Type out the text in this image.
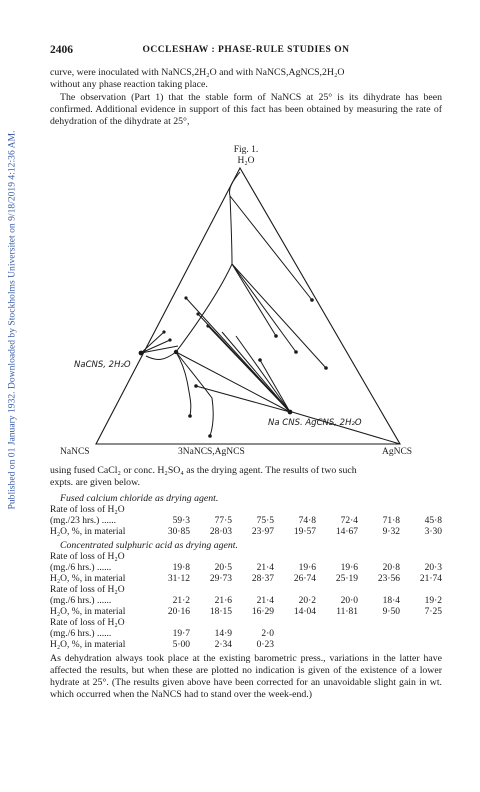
Published on 01 January 1932. Downloaded by Stockholms Universitet on 9/18/2019 4:12:36 AM.
2406	OCCLESHAW : PHASE-RULE STUDIES ON
curve, were inoculated with NaNCS,2H₂O and with NaNCS,AgNCS,2H₂O
without any phase reaction taking place.
The observation (Part 1) that the stable form of NaNCS at 25° is its dihydrate has been confirmed. Additional evidence in support of this fact has been obtained by measuring the rate of dehydration of the dihydrate at 25°,
Fig. 1.
H₂O
NaCNS, 2H₂O
Na CNS. AgCNS, 2H₂O
NaNCS	3NaNCS,AgNCS	AgNCS
using fused CaCl₂ or conc. H₂SO₄ as the drying agent. The results of two such
expts. are given below.
Fused calcium chloride as drying agent.
Rate of loss of H₂O
(mg./23 hrs.) ......	59·3	77·5	75·5	74·8	72·4	71·8	45·8
H₂O, %, in material	30·85	28·03	23·97	19·57	14·67	9·32	3·30
Concentrated sulphuric acid as drying agent.
Rate of loss of H₂O
(mg./6 hrs.) ......	19·8	20·5	21·4	19·6	19·6	20·8	20·3
H₂O, %, in material	31·12	29·73	28·37	26·74	25·19	23·56	21·74
Rate of loss of H₂O
(mg./6 hrs.) ......	21·2	21·6	21·4	20·2	20·0	18·4	19·2
H₂O, %, in material	20·16	18·15	16·29	14·04	11·81	9·50	7·25
Rate of loss of H₂O
(mg./6 hrs.) ......	19·7	14·9	2·0				
H₂O, %, in material	5·00	2·34	0·23				
As dehydration always took place at the existing barometric press., variations in the latter have affected the results, but when these are plotted no indication is given of the existence of a lower hydrate at 25°. (The results given above have been corrected for an unavoidable slight gain in wt. which occurred when the NaNCS had to stand over the week-end.)
